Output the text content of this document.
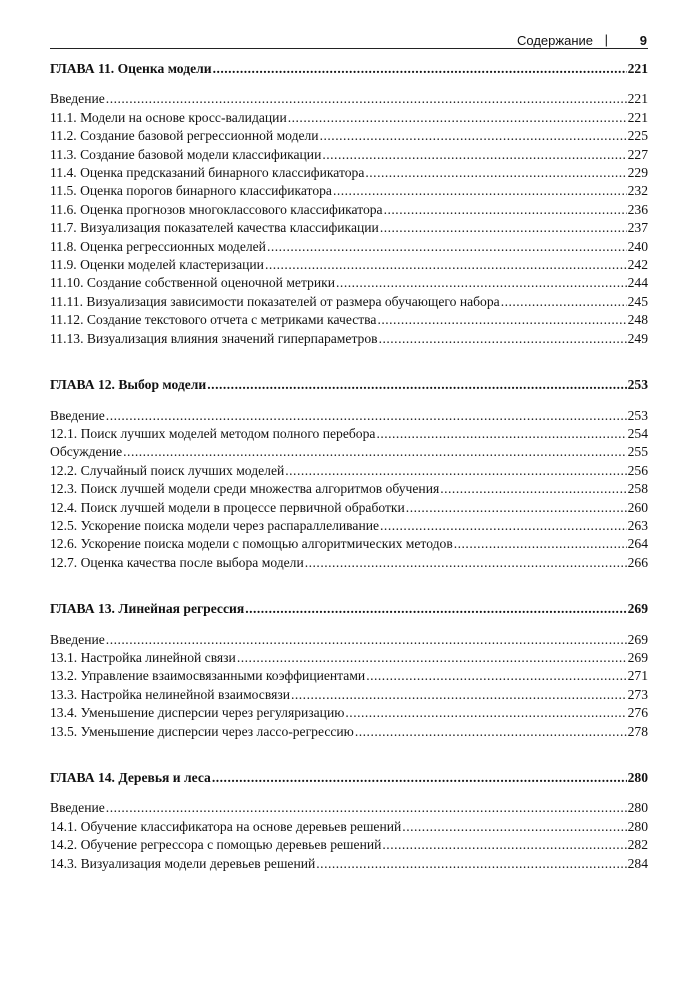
Содержание | 9
ГЛАВА 11. Оценка модели .....	221
Введение .....	221
11.1. Модели на основе кросс-валидации .....	221
11.2. Создание базовой регрессионной модели .....	225
11.3. Создание базовой модели классификации .....	227
11.4. Оценка предсказаний бинарного классификатора .....	229
11.5. Оценка порогов бинарного классификатора .....	232
11.6. Оценка прогнозов многоклассового классификатора .....	236
11.7. Визуализация показателей качества классификации .....	237
11.8. Оценка регрессионных моделей .....	240
11.9. Оценки моделей кластеризации .....	242
11.10. Создание собственной оценочной метрики .....	244
11.11. Визуализация зависимости показателей от размера обучающего набора .....	245
11.12. Создание текстового отчета с метриками качества .....	248
11.13. Визуализация влияния значений гиперпараметров .....	249
ГЛАВА 12. Выбор модели .....	253
Введение .....	253
12.1. Поиск лучших моделей методом полного перебора .....	254
Обсуждение .....	255
12.2. Случайный поиск лучших моделей .....	256
12.3. Поиск лучшей модели среди множества алгоритмов обучения .....	258
12.4. Поиск лучшей модели в процессе первичной обработки .....	260
12.5. Ускорение поиска модели через распараллеливание .....	263
12.6. Ускорение поиска модели с помощью алгоритмических методов .....	264
12.7. Оценка качества после выбора модели .....	266
ГЛАВА 13. Линейная регрессия .....	269
Введение .....	269
13.1. Настройка линейной связи .....	269
13.2. Управление взаимосвязанными коэффициентами .....	271
13.3. Настройка нелинейной взаимосвязи .....	273
13.4. Уменьшение дисперсии через регуляризацию .....	276
13.5. Уменьшение дисперсии через лассо-регрессию .....	278
ГЛАВА 14. Деревья и леса .....	280
Введение .....	280
14.1. Обучение классификатора на основе деревьев решений .....	280
14.2. Обучение регрессора с помощью деревьев решений .....	282
14.3. Визуализация модели деревьев решений .....	284
